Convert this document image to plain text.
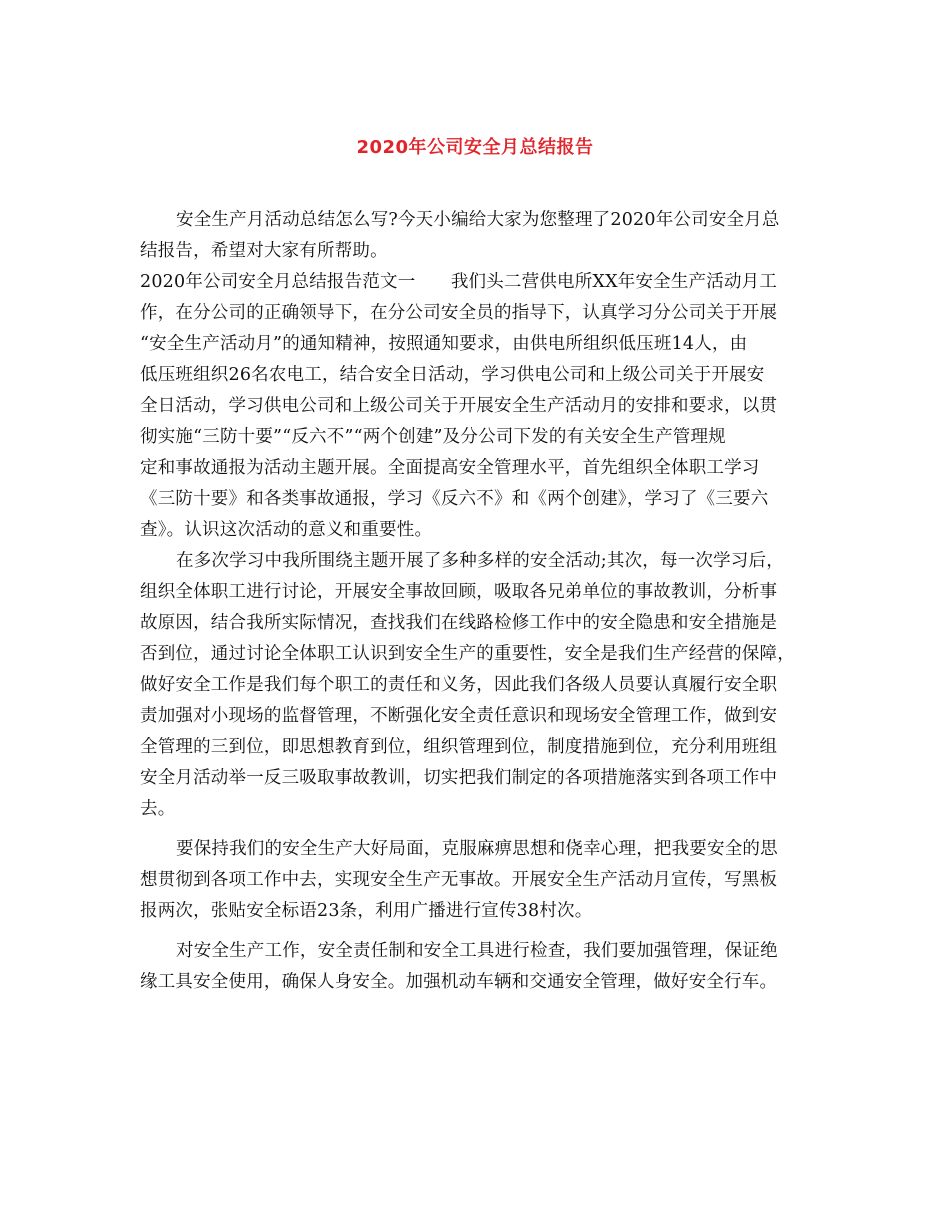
2020年公司安全月总结报告
安全生产月活动总结怎么写?今天小编给大家为您整理了2020年公司安全月总
结报告，希望对大家有所帮助。
2020年公司安全月总结报告范文一　　我们头二营供电所XX年安全生产活动月工
作，在分公司的正确领导下，在分公司安全员的指导下，认真学习分公司关于开展
“安全生产活动月”的通知精神，按照通知要求，由供电所组织低压班14人，由
低压班组织26名农电工，结合安全日活动，学习供电公司和上级公司关于开展安
全日活动，学习供电公司和上级公司关于开展安全生产活动月的安排和要求，以贯
彻实施“三防十要”“反六不”“两个创建”及分公司下发的有关安全生产管理规
定和事故通报为活动主题开展。全面提高安全管理水平，首先组织全体职工学习
《三防十要》和各类事故通报，学习《反六不》和《两个创建》，学习了《三要六
查》。认识这次活动的意义和重要性。
在多次学习中我所围绕主题开展了多种多样的安全活动;其次，每一次学习后，
组织全体职工进行讨论，开展安全事故回顾，吸取各兄弟单位的事故教训，分析事
故原因，结合我所实际情况，查找我们在线路检修工作中的安全隐患和安全措施是
否到位，通过讨论全体职工认识到安全生产的重要性，安全是我们生产经营的保障，
做好安全工作是我们每个职工的责任和义务，因此我们各级人员要认真履行安全职
责加强对小现场的监督管理，不断强化安全责任意识和现场安全管理工作，做到安
全管理的三到位，即思想教育到位，组织管理到位，制度措施到位，充分利用班组
安全月活动举一反三吸取事故教训，切实把我们制定的各项措施落实到各项工作中
去。
要保持我们的安全生产大好局面，克服麻痹思想和侥幸心理，把我要安全的思
想贯彻到各项工作中去，实现安全生产无事故。开展安全生产活动月宣传，写黑板
报两次，张贴安全标语23条，利用广播进行宣传38村次。
对安全生产工作，安全责任制和安全工具进行检查，我们要加强管理，保证绝
缘工具安全使用，确保人身安全。加强机动车辆和交通安全管理，做好安全行车。
